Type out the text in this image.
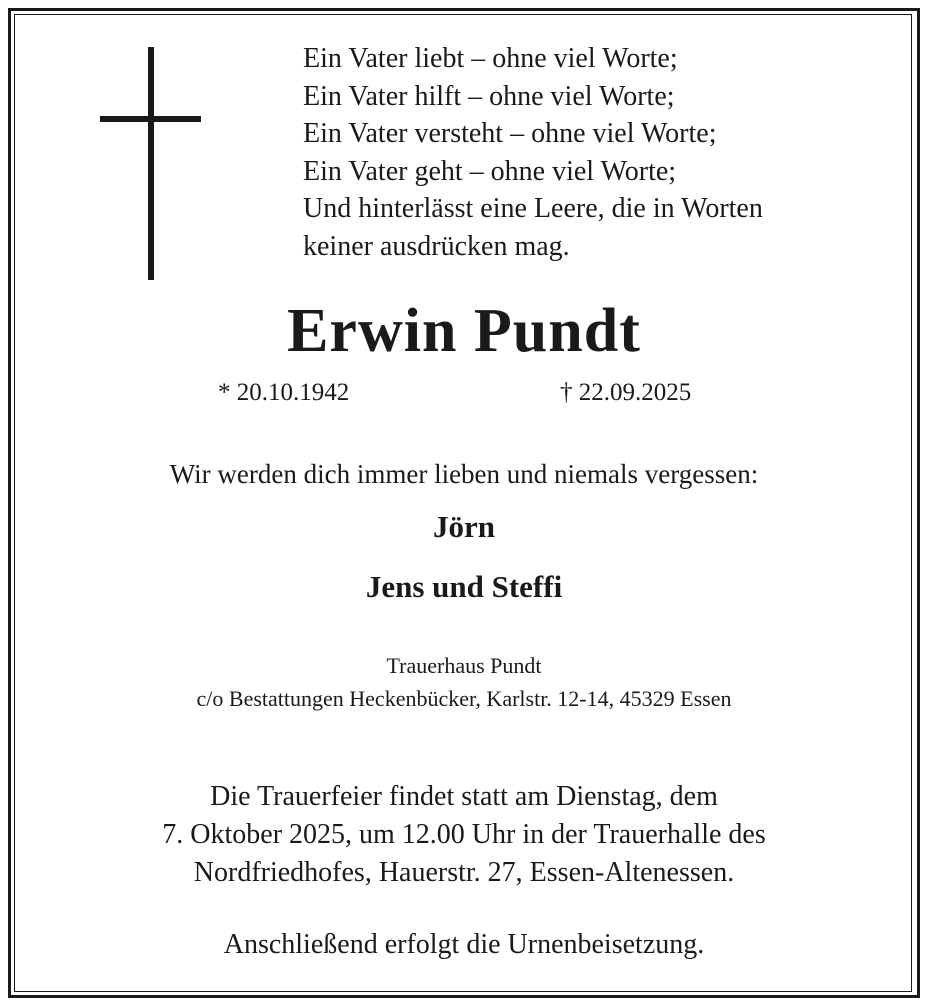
Ein Vater liebt – ohne viel Worte;
Ein Vater hilft – ohne viel Worte;
Ein Vater versteht – ohne viel Worte;
Ein Vater geht – ohne viel Worte;
Und hinterlässt eine Leere, die in Worten
keiner ausdrücken mag.
Erwin Pundt
* 20.10.1942	† 22.09.2025
Wir werden dich immer lieben und niemals vergessen:
Jörn
Jens und Steffi
Trauerhaus Pundt
c/o Bestattungen Heckenbücker, Karlstr. 12-14, 45329 Essen
Die Trauerfeier findet statt am Dienstag, dem
7. Oktober 2025, um 12.00 Uhr in der Trauerhalle des
Nordfriedhofes, Hauerstr. 27, Essen-Altenessen.
Anschließend erfolgt die Urnenbeisetzung.
